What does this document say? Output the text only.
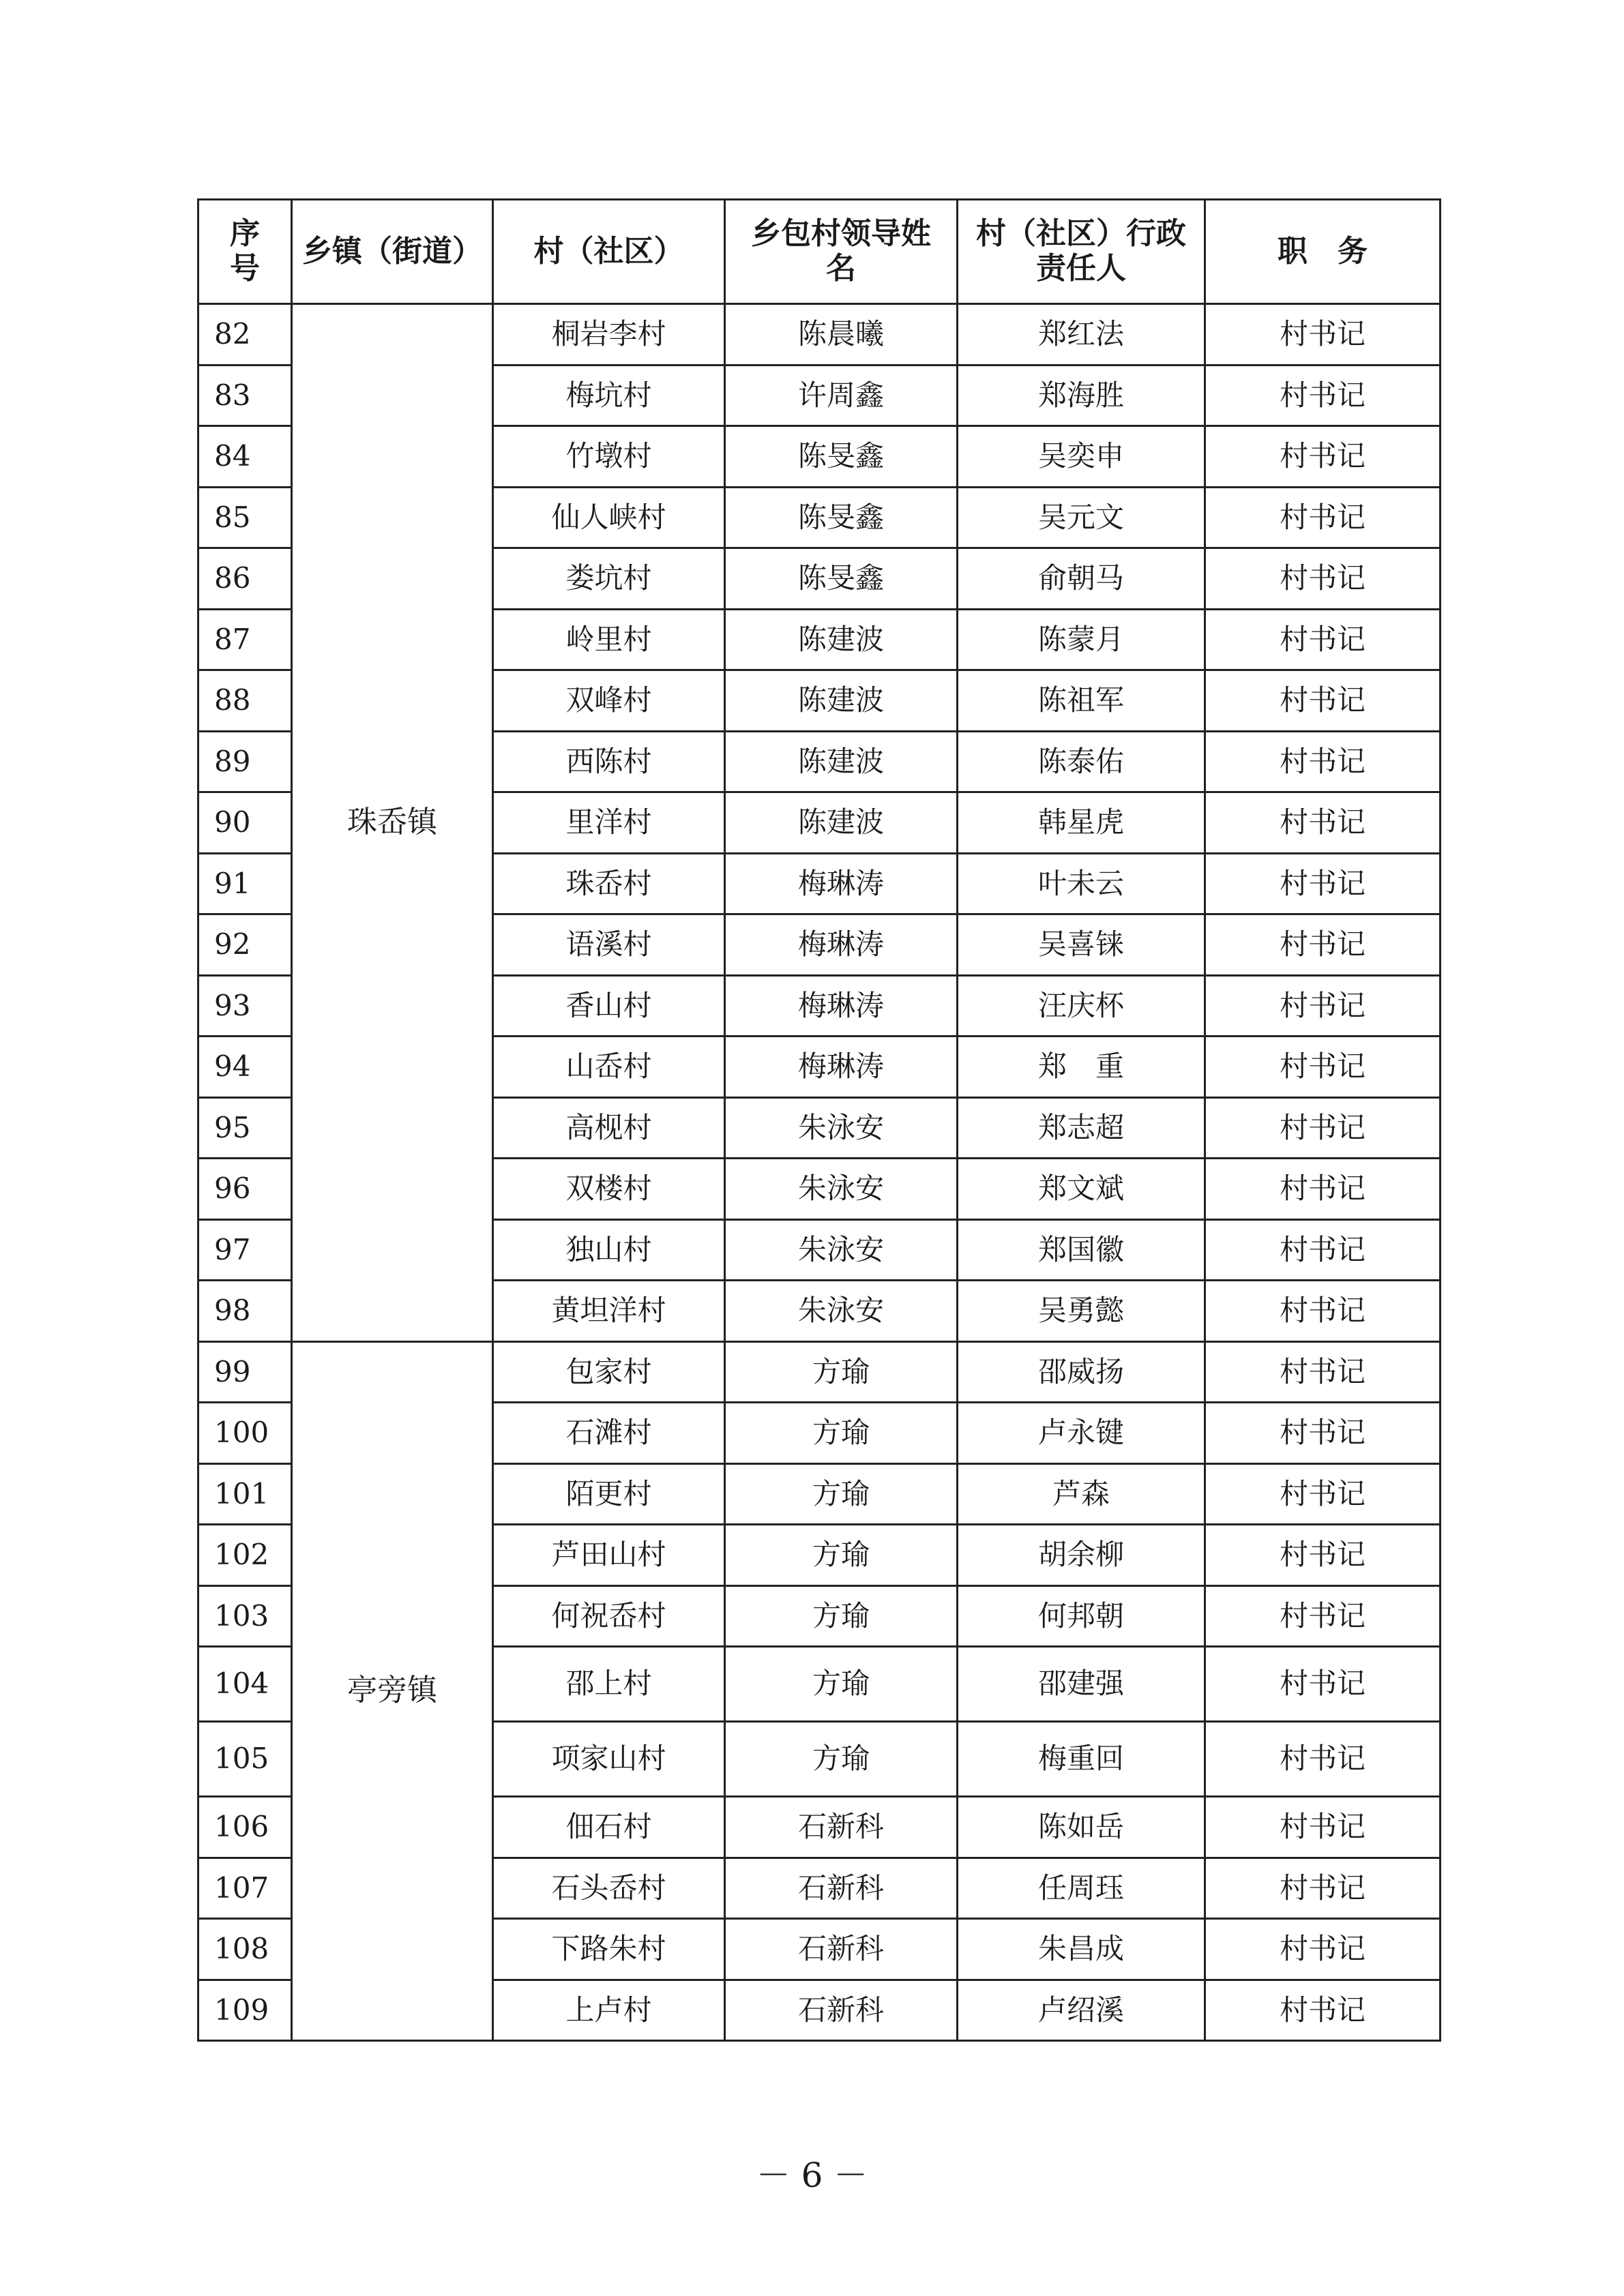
序号	乡镇（街道）	村（社区）	乡包村领导姓名	村（社区）行政责任人	职　务
82	珠岙镇	桐岩李村	陈晨曦	郑红法	村书记
83		梅坑村	许周鑫	郑海胜	村书记
84		竹墩村	陈旻鑫	吴奕申	村书记
85		仙人峡村	陈旻鑫	吴元文	村书记
86		娄坑村	陈旻鑫	俞朝马	村书记
87		岭里村	陈建波	陈蒙月	村书记
88		双峰村	陈建波	陈祖军	村书记
89		西陈村	陈建波	陈泰佑	村书记
90		里洋村	陈建波	韩星虎	村书记
91		珠岙村	梅琳涛	叶未云	村书记
92		语溪村	梅琳涛	吴喜铼	村书记
93		香山村	梅琳涛	汪庆杯	村书记
94		山岙村	梅琳涛	郑　重	村书记
95		高枧村	朱泳安	郑志超	村书记
96		双楼村	朱泳安	郑文斌	村书记
97		独山村	朱泳安	郑国徽	村书记
98		黄坦洋村	朱泳安	吴勇懿	村书记
99	亭旁镇	包家村	方瑜	邵威扬	村书记
100		石滩村	方瑜	卢永键	村书记
101		陌更村	方瑜	芦森	村书记
102		芦田山村	方瑜	胡余柳	村书记
103		何祝岙村	方瑜	何邦朝	村书记
104		邵上村	方瑜	邵建强	村书记
105		项家山村	方瑜	梅重回	村书记
106		佃石村	石新科	陈如岳	村书记
107		石头岙村	石新科	任周珏	村书记
108		下路朱村	石新科	朱昌成	村书记
109		上卢村	石新科	卢绍溪	村书记
－ 6 －
